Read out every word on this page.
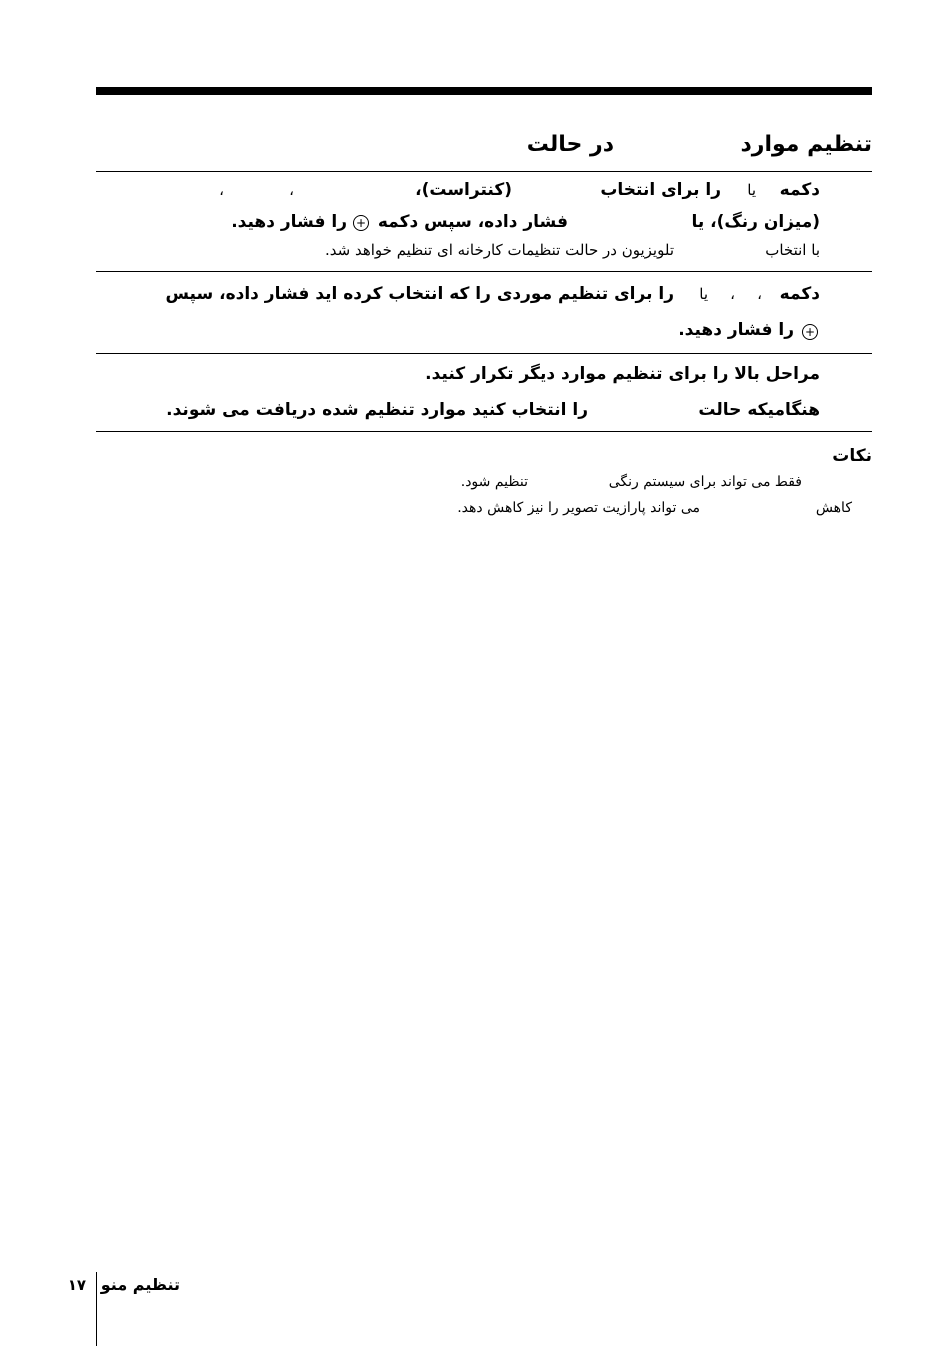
تنظیم موارد
در حالت
دکمه
یا
را برای انتخاب
(کنتراست)،
،
،
(میزان رنگ)، یا
فشار داده، سپس دکمه
+
را فشار دهید.
با انتخاب
تلویزیون در حالت تنظیمات کارخانه ای تنظیم خواهد شد.
دکمه
،
،
یا
را برای تنظیم موردی را که انتخاب کرده اید فشار داده، سپس
+
را فشار دهید.
مراحل بالا را برای تنظیم موارد دیگر تکرار کنید.
هنگامیکه حالت
را انتخاب کنید موارد تنظیم شده دریافت می شوند.
نکات
فقط می تواند برای سیستم رنگی
تنظیم شود.
کاهش
می تواند پارازیت تصویر را نیز کاهش دهد.
تنظیم منو
۱۷
